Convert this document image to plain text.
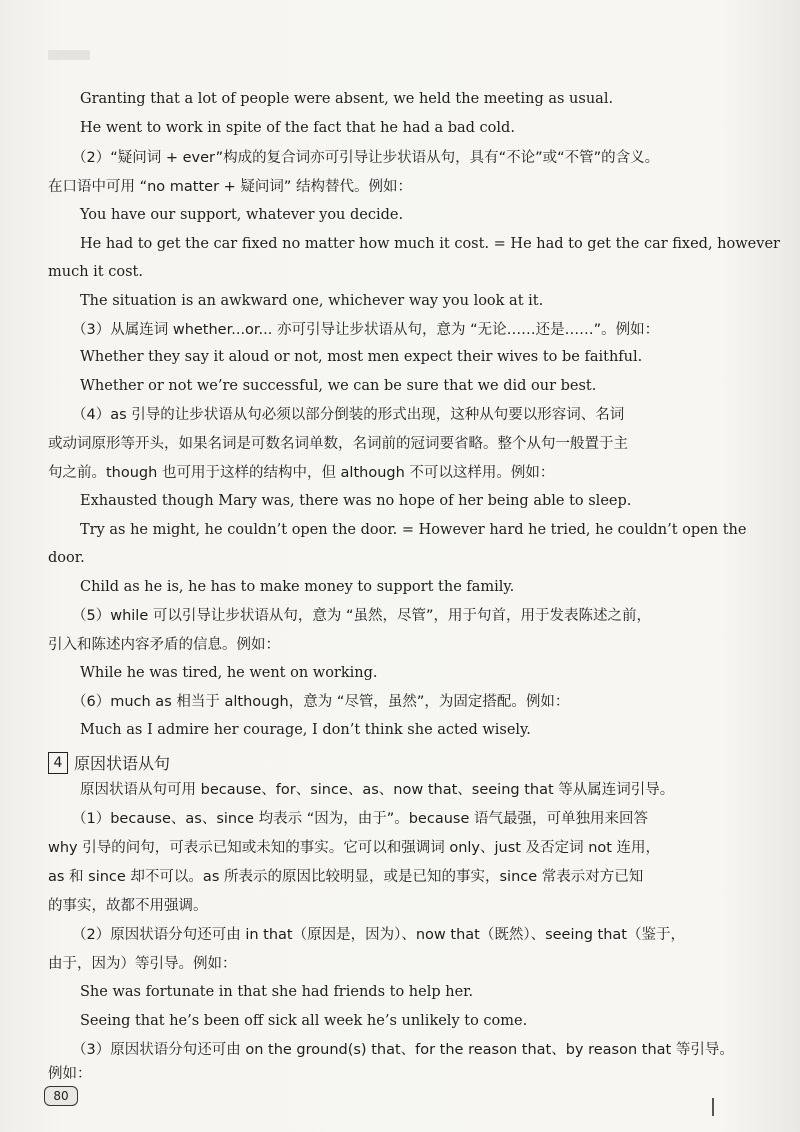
Granting that a lot of people were absent, we held the meeting as usual.
He went to work in spite of the fact that he had a bad cold.
（2）“疑问词 + ever”构成的复合词亦可引导让步状语从句，具有“不论”或“不管”的含义。
在口语中可用 “no matter + 疑问词” 结构替代。例如：
You have our support, whatever you decide.
He had to get the car fixed no matter how much it cost. = He had to get the car fixed, however
much it cost.
The situation is an awkward one, whichever way you look at it.
（3）从属连词 whether...or... 亦可引导让步状语从句，意为 “无论……还是……”。例如：
Whether they say it aloud or not, most men expect their wives to be faithful.
Whether or not we’re successful, we can be sure that we did our best.
（4）as 引导的让步状语从句必须以部分倒装的形式出现，这种从句要以形容词、名词
或动词原形等开头，如果名词是可数名词单数，名词前的冠词要省略。整个从句一般置于主
句之前。though 也可用于这样的结构中，但 although 不可以这样用。例如：
Exhausted though Mary was, there was no hope of her being able to sleep.
Try as he might, he couldn’t open the door. = However hard he tried, he couldn’t open the
door.
Child as he is, he has to make money to support the family.
（5）while 可以引导让步状语从句，意为 “虽然，尽管”，用于句首，用于发表陈述之前，
引入和陈述内容矛盾的信息。例如：
While he was tired, he went on working.
（6）much as 相当于 although，意为 “尽管，虽然”，为固定搭配。例如：
Much as I admire her courage, I don’t think she acted wisely.
4 原因状语从句
原因状语从句可用 because、for、since、as、now that、seeing that 等从属连词引导。
（1）because、as、since 均表示 “因为，由于”。because 语气最强，可单独用来回答
why 引导的问句，可表示已知或未知的事实。它可以和强调词 only、just 及否定词 not 连用，
as 和 since 却不可以。as 所表示的原因比较明显，或是已知的事实，since 常表示对方已知
的事实，故都不用强调。
（2）原因状语分句还可由 in that（原因是，因为）、now that（既然）、seeing that（鉴于，
由于，因为）等引导。例如：
She was fortunate in that she had friends to help her.
Seeing that he’s been off sick all week he’s unlikely to come.
（3）原因状语分句还可由 on the ground(s) that、for the reason that、by reason that 等引导。
例如：
80
